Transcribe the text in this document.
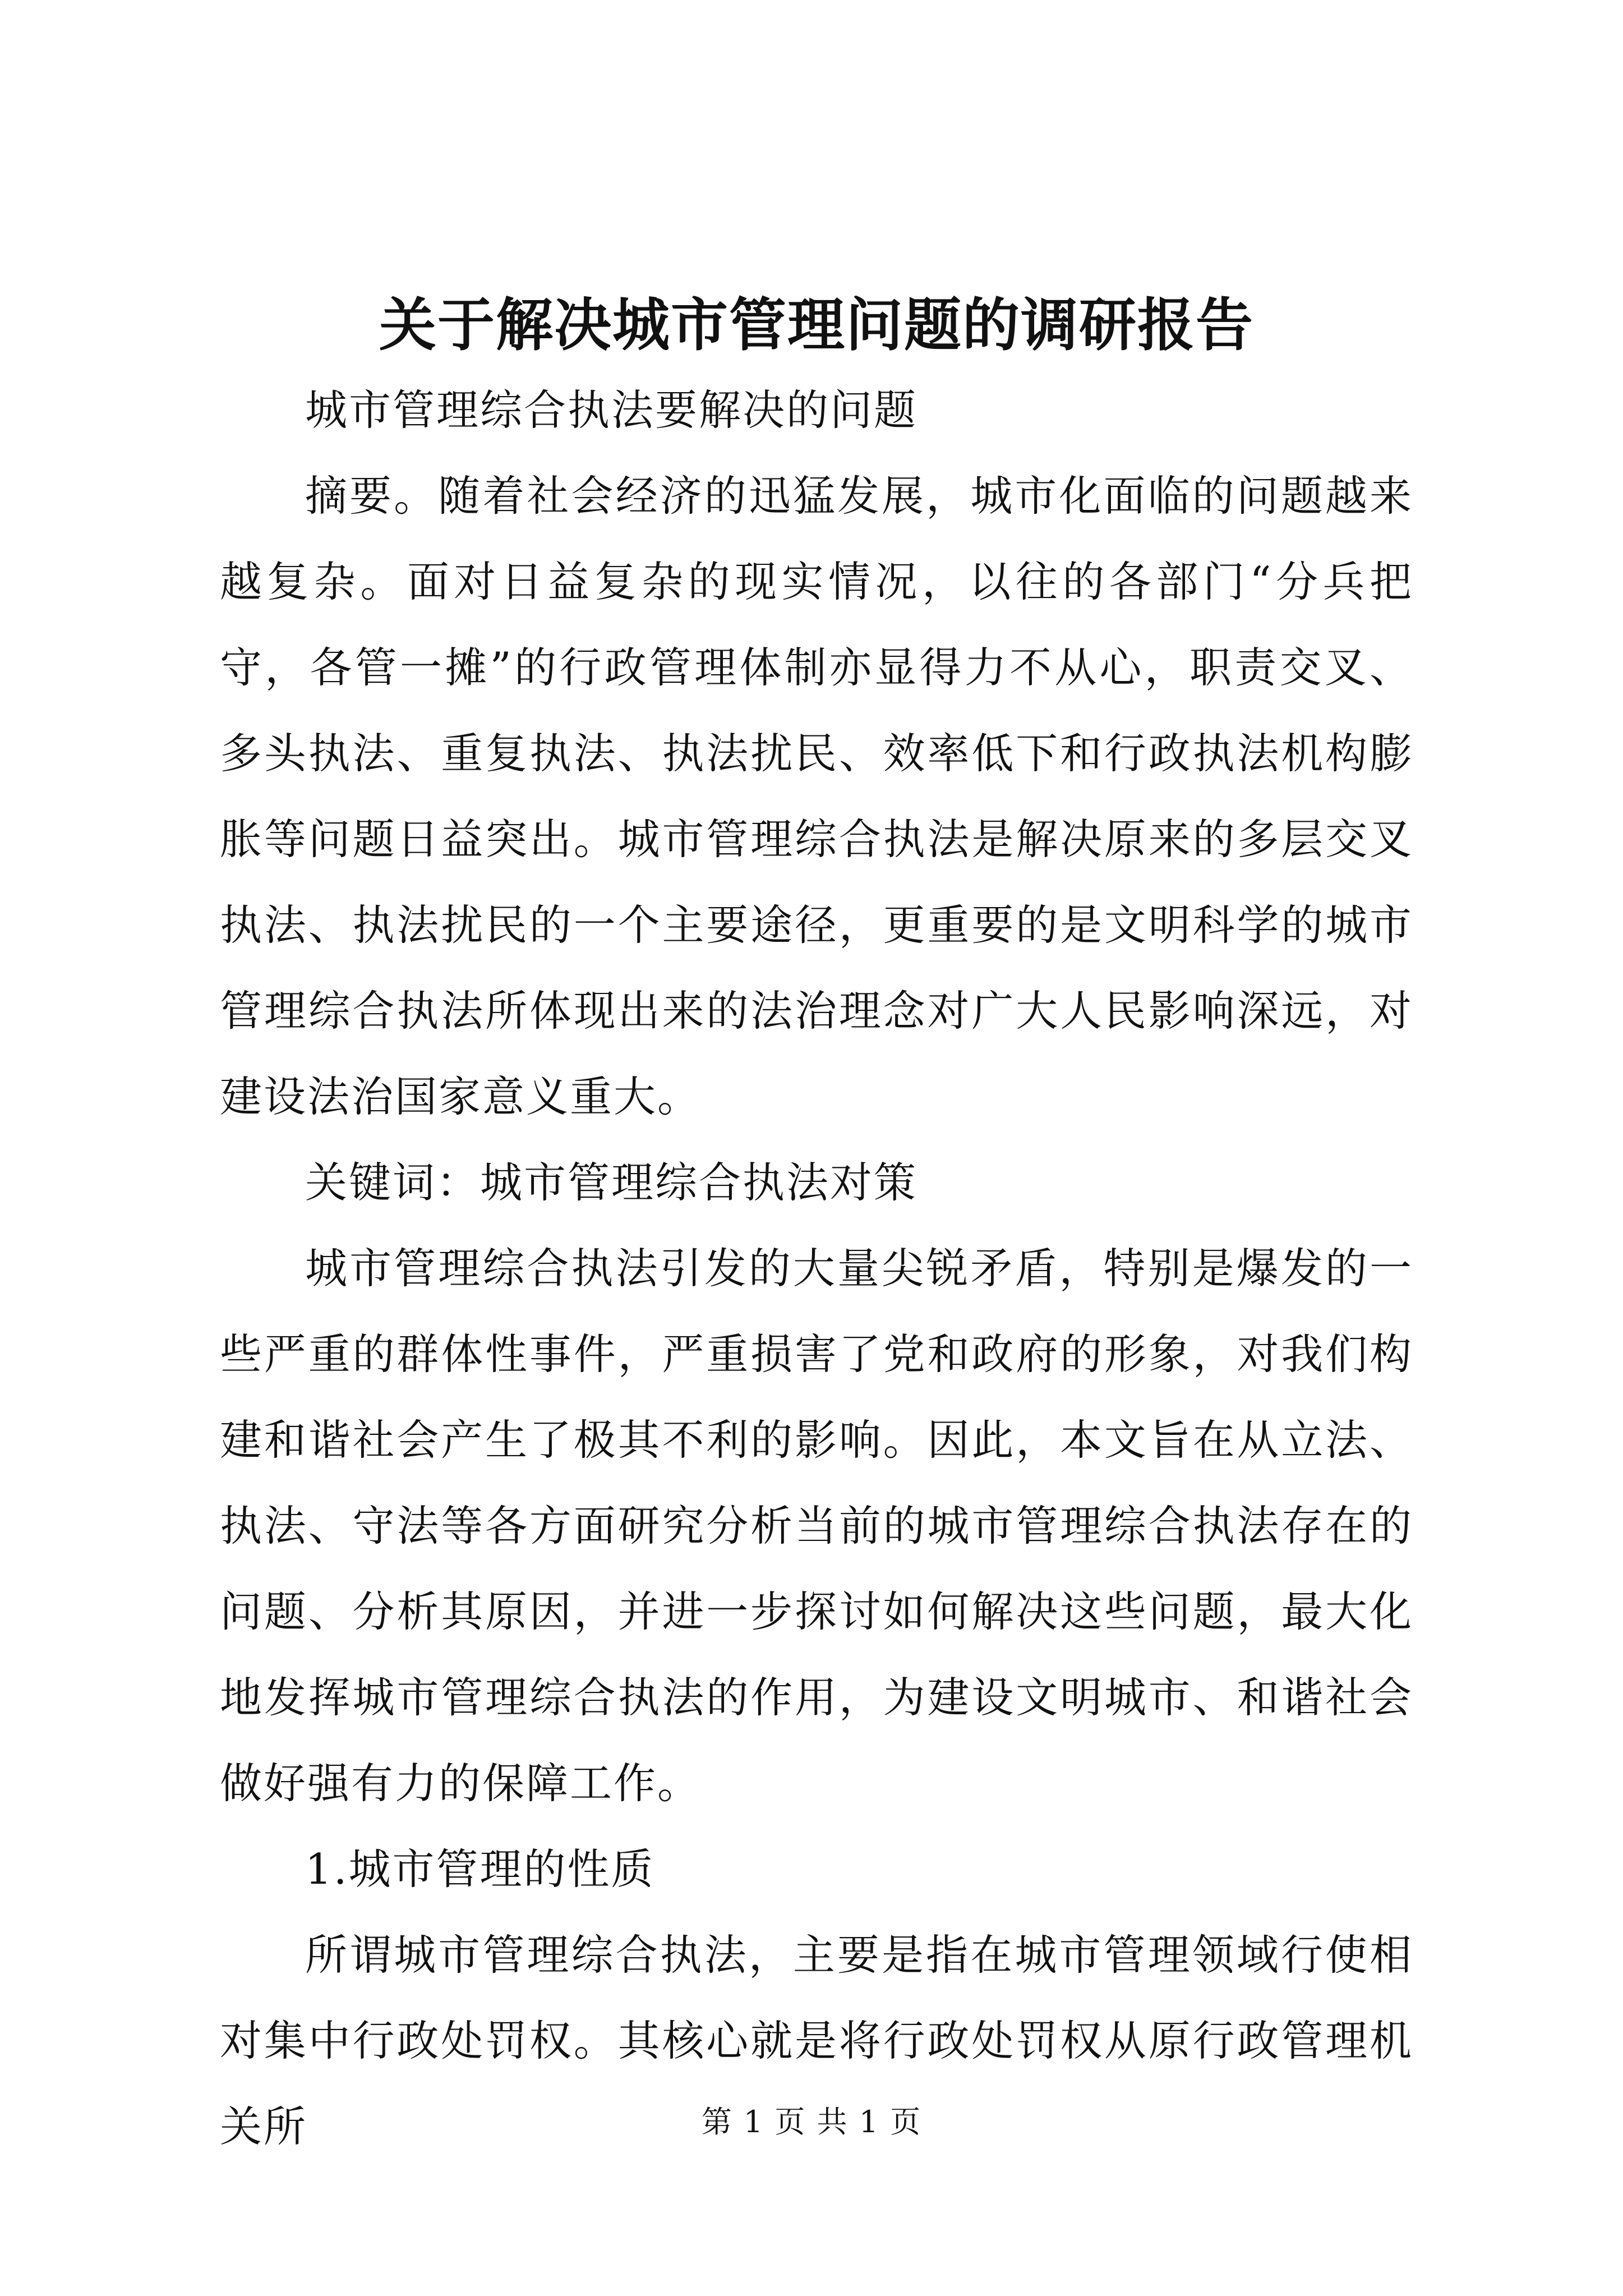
关于解决城市管理问题的调研报告

城市管理综合执法要解决的问题

摘要。随着社会经济的迅猛发展，城市化面临的问题越来越复杂。面对日益复杂的现实情况，以往的各部门“分兵把守，各管一摊”的行政管理体制亦显得力不从心，职责交叉、多头执法、重复执法、执法扰民、效率低下和行政执法机构膨胀等问题日益突出。城市管理综合执法是解决原来的多层交叉执法、执法扰民的一个主要途径，更重要的是文明科学的城市管理综合执法所体现出来的法治理念对广大人民影响深远，对建设法治国家意义重大。

关键词：城市管理综合执法对策

城市管理综合执法引发的大量尖锐矛盾，特别是爆发的一些严重的群体性事件，严重损害了党和政府的形象，对我们构建和谐社会产生了极其不利的影响。因此，本文旨在从立法、执法、守法等各方面研究分析当前的城市管理综合执法存在的问题、分析其原因，并进一步探讨如何解决这些问题，最大化地发挥城市管理综合执法的作用，为建设文明城市、和谐社会做好强有力的保障工作。

1.城市管理的性质

所谓城市管理综合执法，主要是指在城市管理领域行使相对集中行政处罚权。其核心就是将行政处罚权从原行政管理机关所	第 1 页 共 1 页
